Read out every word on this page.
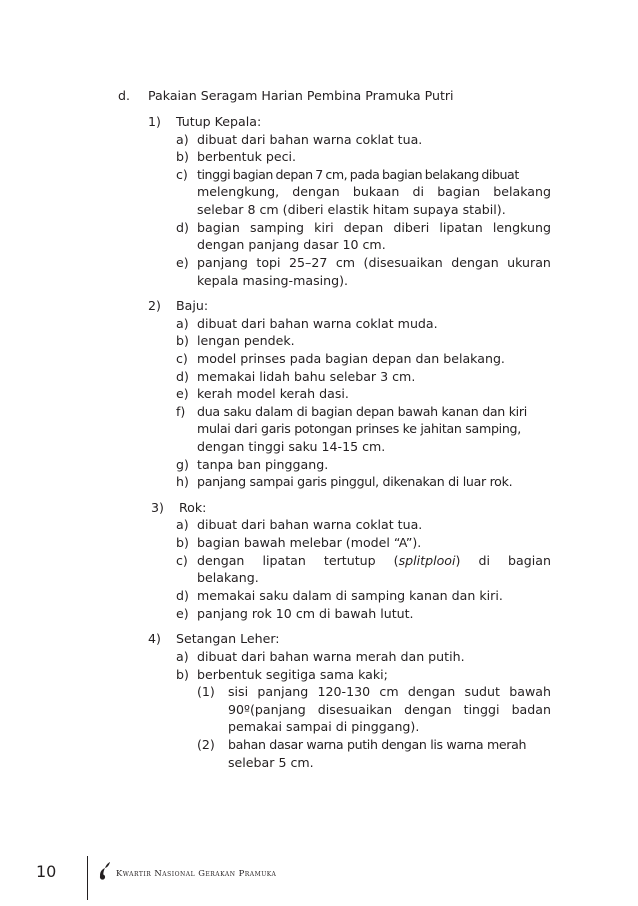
d. Pakaian Seragam Harian Pembina Pramuka Putri
1) Tutup Kepala:
a) dibuat dari bahan warna coklat tua.
b) berbentuk peci.
c) tinggi bagian depan 7 cm, pada bagian belakang dibuat
melengkung, dengan bukaan di bagian belakang
selebar 8 cm (diberi elastik hitam supaya stabil).
d) bagian samping kiri depan diberi lipatan lengkung
dengan panjang dasar 10 cm.
e) panjang topi 25–27 cm (disesuaikan dengan ukuran
kepala masing-masing).
2) Baju:
a) dibuat dari bahan warna coklat muda.
b) lengan pendek.
c) model prinses pada bagian depan dan belakang.
d) memakai lidah bahu selebar 3 cm.
e) kerah model kerah dasi.
f) dua saku dalam di bagian depan bawah kanan dan kiri
mulai dari garis potongan prinses ke jahitan samping,
dengan tinggi saku 14-15 cm.
g) tanpa ban pinggang.
h) panjang sampai garis pinggul, dikenakan di luar rok.
3) Rok:
a) dibuat dari bahan warna coklat tua.
b) bagian bawah melebar (model “A”).
c) dengan lipatan tertutup (splitplooi) di bagian
belakang.
d) memakai saku dalam di samping kanan dan kiri.
e) panjang rok 10 cm di bawah lutut.
4) Setangan Leher:
a) dibuat dari bahan warna merah dan putih.
b) berbentuk segitiga sama kaki;
(1) sisi panjang 120-130 cm dengan sudut bawah
90º(panjang disesuaikan dengan tinggi badan
pemakai sampai di pinggang).
(2) bahan dasar warna putih dengan lis warna merah
selebar 5 cm.
10	Kwartir Nasional Gerakan Pramuka
